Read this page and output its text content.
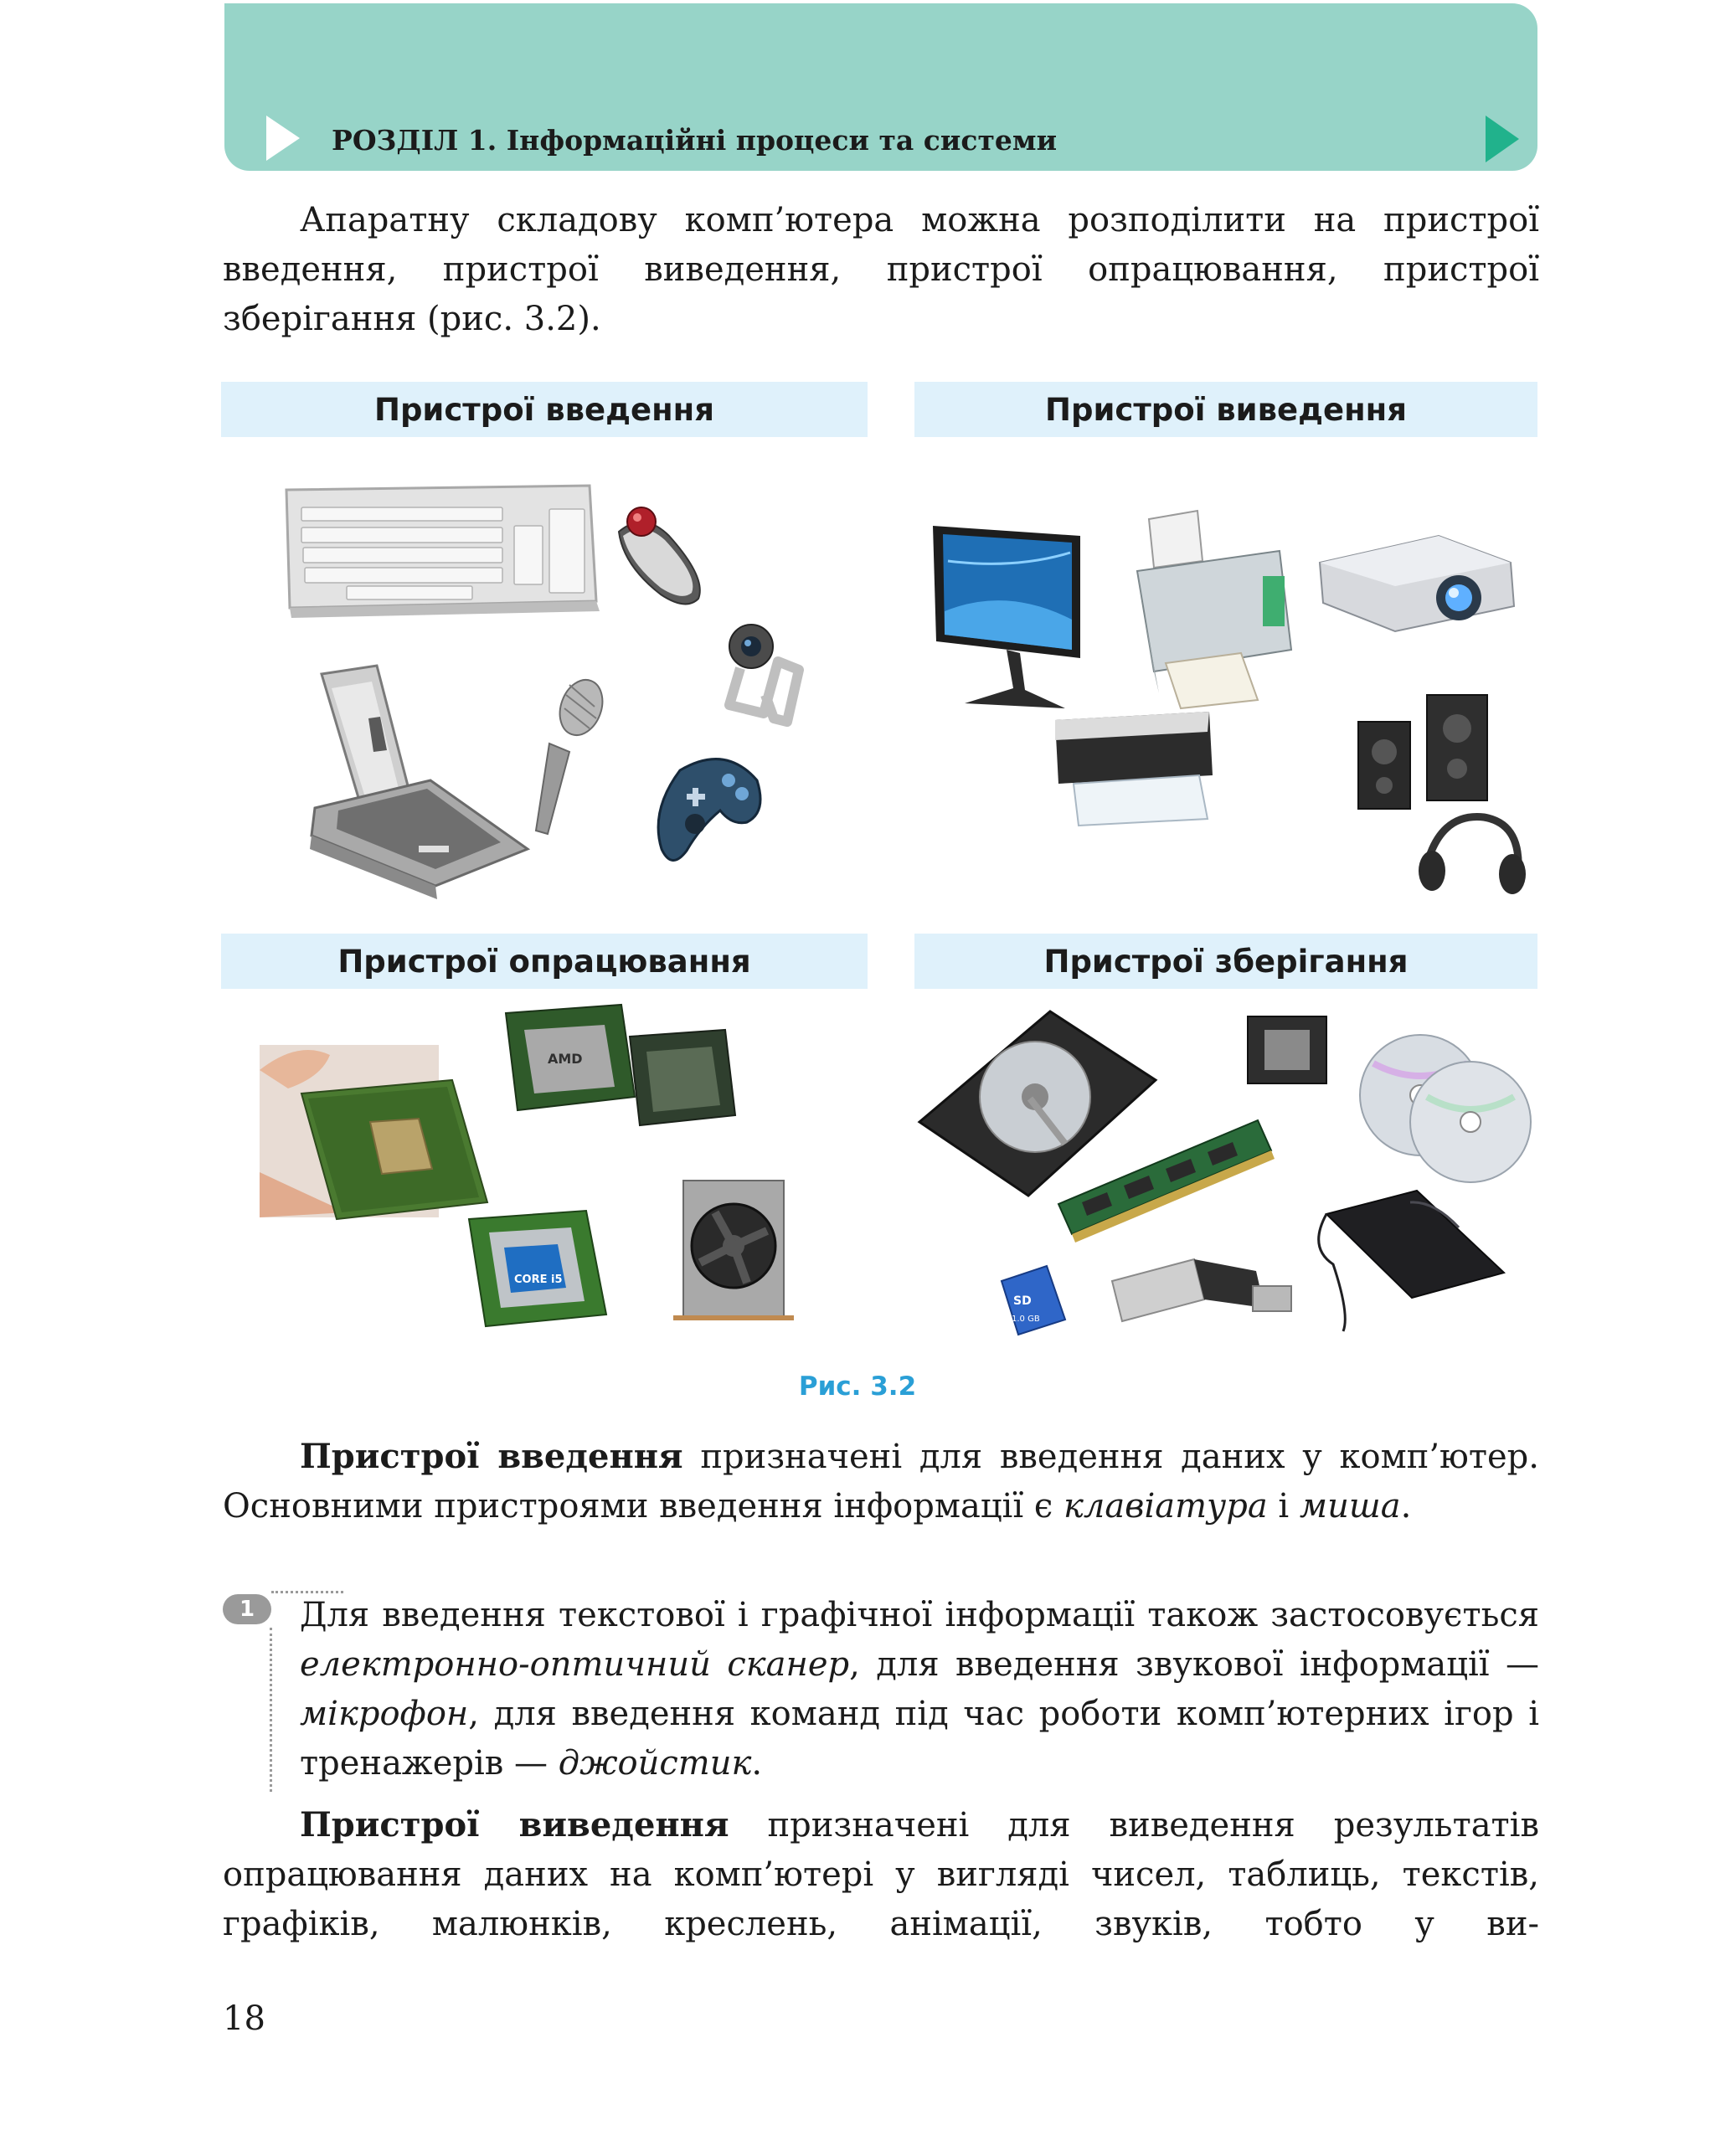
РОЗДІЛ 1. Інформаційні процеси та системи

Апаратну складову комп’ютера можна розподілити на пристрої введення, пристрої виведення, пристрої опрацювання, пристрої зберігання (рис. 3.2).

Пристрої введення	Пристрої виведення
Пристрої опрацювання	Пристрої зберігання
AMD
CORE i5
SD
1.0 GB
Рис. 3.2

Пристрої введення призначені для введення даних у комп’ютер. Основними пристроями введення інформації є клавіатура і миша.

1	Для введення текстової і графічної інформації також застосовується електронно-оптичний сканер, для введення звукової інформації — мікрофон, для введення команд під час роботи комп’ютерних ігор і тренажерів — джойстик.

Пристрої виведення призначені для виведення результатів опрацювання даних на комп’ютері у вигляді чисел, таблиць, текстів, графіків, малюнків, креслень, анімації, звуків, тобто у ви-

18
